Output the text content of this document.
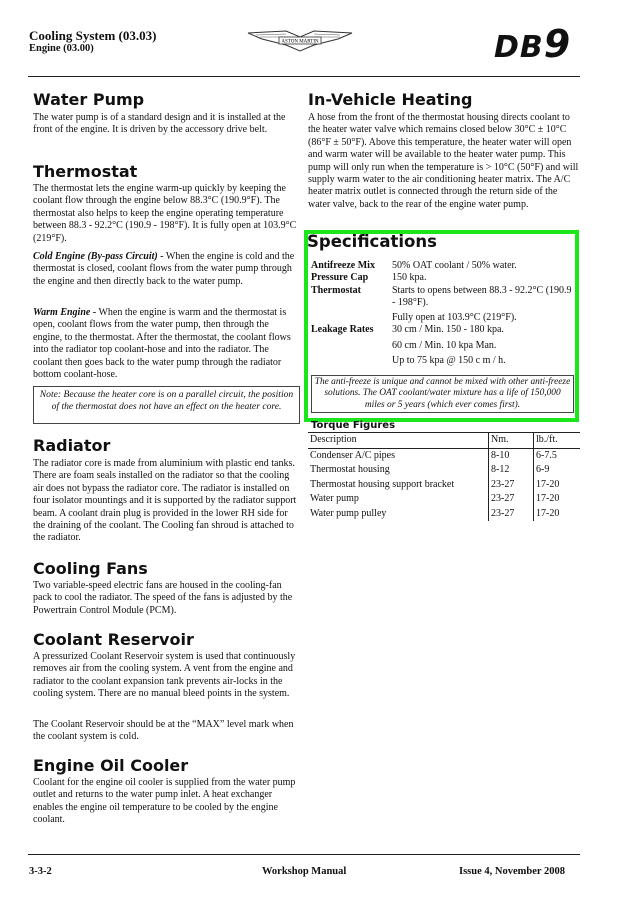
Cooling System (03.03)
Engine (03.00)
ASTON MARTIN	DB9
Water Pump
The water pump is of a standard design and it is installed at the front of the engine. It is driven by the accessory drive belt.
Thermostat
The thermostat lets the engine warm-up quickly by keeping the coolant flow through the engine below 88.3°C (190.9°F). The thermostat also helps to keep the engine operating temperature between 88.3 - 92.2°C (190.9 - 198°F). It is fully open at 103.9°C (219°F).
Cold Engine (By-pass Circuit) - When the engine is cold and the thermostat is closed, coolant flows from the water pump through the engine and then directly back to the water pump.
Warm Engine - When the engine is warm and the thermostat is open, coolant flows from the water pump, then through the engine, to the thermostat. After the thermostat, the coolant flows into the radiator top coolant-hose and into the radiator. The coolant then goes back to the water pump through the radiator bottom coolant-hose.
Note: Because the heater core is on a parallel circuit, the position of the thermostat does not have an effect on the heater core.
Radiator
The radiator core is made from aluminium with plastic end tanks. There are foam seals installed on the radiator so that the cooling air does not bypass the radiator core. The radiator is installed on four isolator mountings and it is supported by the radiator support beam. A coolant drain plug is provided in the lower RH side for the draining of the coolant. The Cooling fan shroud is attached to the radiator.
Cooling Fans
Two variable-speed electric fans are housed in the cooling-fan pack to cool the radiator. The speed of the fans is adjusted by the Powertrain Control Module (PCM).
Coolant Reservoir
A pressurized Coolant Reservoir system is used that continuously removes air from the cooling system. A vent from the engine and radiator to the coolant expansion tank prevents air-locks in the cooling system. There are no manual bleed points in the system.
The Coolant Reservoir should be at the “MAX” level mark when the coolant system is cold.
Engine Oil Cooler
Coolant for the engine oil cooler is supplied from the water pump outlet and returns to the water pump inlet. A heat exchanger enables the engine oil temperature to be cooled by the engine coolant.
In-Vehicle Heating
A hose from the front of the thermostat housing directs coolant to the heater water valve which remains closed below 30°C ± 10°C (86°F ± 50°F). Above this temperature, the heater water will open and warm water will be available to the heater water pump. This pump will only run when the temperature is > 10°C (50°F) and will supply warm water to the air conditioning heater matrix. The A/C heater matrix outlet is connected through the return side of the water valve, back to the rear of the engine water pump.
Specifications
Antifreeze Mix	50% OAT coolant / 50% water.
Pressure Cap	150 kpa.
Thermostat	Starts to opens between 88.3 - 92.2°C (190.9 - 198°F).
	Fully open at 103.9°C (219°F).
Leakage Rates	30 cm / Min. 150 - 180 kpa.
	60 cm / Min. 10 kpa Man.
	Up to 75 kpa @ 150 c m / h.
The anti-freeze is unique and cannot be mixed with other anti-freeze solutions. The OAT coolant/water mixture has a life of 150,000 miles or 5 years (which ever comes first).
Torque Figures
Description	Nm.	lb./ft.
Condenser A/C pipes	8-10	6-7.5
Thermostat housing	8-12	6-9
Thermostat housing support bracket	23-27	17-20
Water pump	23-27	17-20
Water pump pulley	23-27	17-20
3-3-2	Workshop Manual	Issue 4, November 2008
